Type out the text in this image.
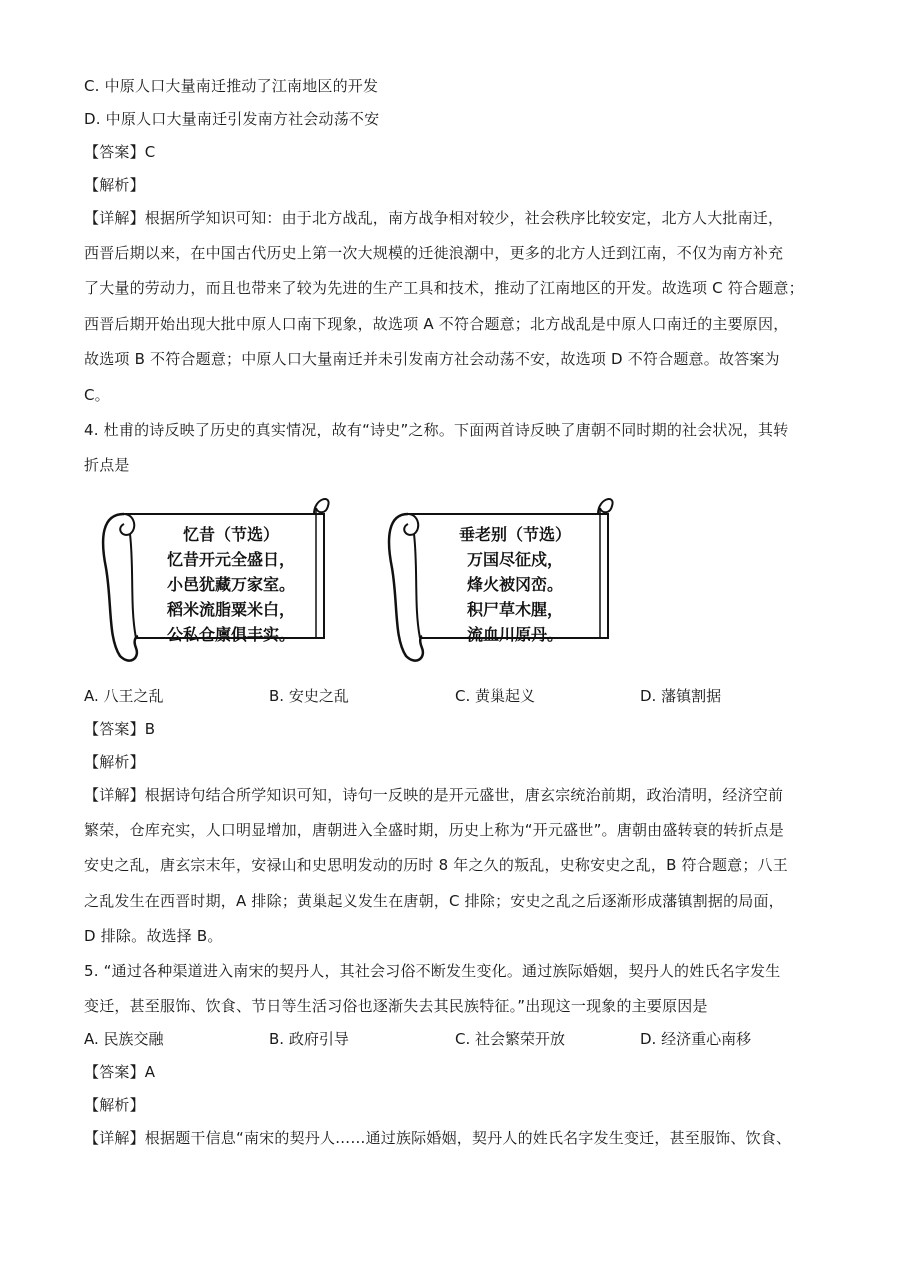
C. 中原人口大量南迁推动了江南地区的开发
D. 中原人口大量南迁引发南方社会动荡不安
【答案】C
【解析】
【详解】根据所学知识可知：由于北方战乱，南方战争相对较少，社会秩序比较安定，北方人大批南迁，
西晋后期以来，在中国古代历史上第一次大规模的迁徙浪潮中，更多的北方人迁到江南，不仅为南方补充
了大量的劳动力，而且也带来了较为先进的生产工具和技术，推动了江南地区的开发。故选项 C 符合题意；
西晋后期开始出现大批中原人口南下现象，故选项 A 不符合题意；北方战乱是中原人口南迁的主要原因，
故选项 B 不符合题意；中原人口大量南迁并未引发南方社会动荡不安，故选项 D 不符合题意。故答案为
C。
4. 杜甫的诗反映了历史的真实情况，故有“诗史”之称。下面两首诗反映了唐朝不同时期的社会状况，其转
折点是
忆昔（节选）
忆昔开元全盛日，
小邑犹藏万家室。
稻米流脂粟米白，
公私仓廪俱丰实。
垂老别（节选）
万国尽征戍，
烽火被冈峦。
积尸草木腥，
流血川原丹。
A. 八王之乱	B. 安史之乱	C. 黄巢起义	D. 藩镇割据
【答案】B
【解析】
【详解】根据诗句结合所学知识可知，诗句一反映的是开元盛世，唐玄宗统治前期，政治清明，经济空前
繁荣，仓库充实，人口明显增加，唐朝进入全盛时期，历史上称为“开元盛世”。唐朝由盛转衰的转折点是
安史之乱，唐玄宗末年，安禄山和史思明发动的历时 8 年之久的叛乱，史称安史之乱，B 符合题意；八王
之乱发生在西晋时期，A 排除；黄巢起义发生在唐朝，C 排除；安史之乱之后逐渐形成藩镇割据的局面，
D 排除。故选择 B。
5. “通过各种渠道进入南宋的契丹人，其社会习俗不断发生变化。通过族际婚姻，契丹人的姓氏名字发生
变迁，甚至服饰、饮食、节日等生活习俗也逐渐失去其民族特征。”出现这一现象的主要原因是
A. 民族交融	B. 政府引导	C. 社会繁荣开放	D. 经济重心南移
【答案】A
【解析】
【详解】根据题干信息“南宋的契丹人……通过族际婚姻，契丹人的姓氏名字发生变迁，甚至服饰、饮食、
